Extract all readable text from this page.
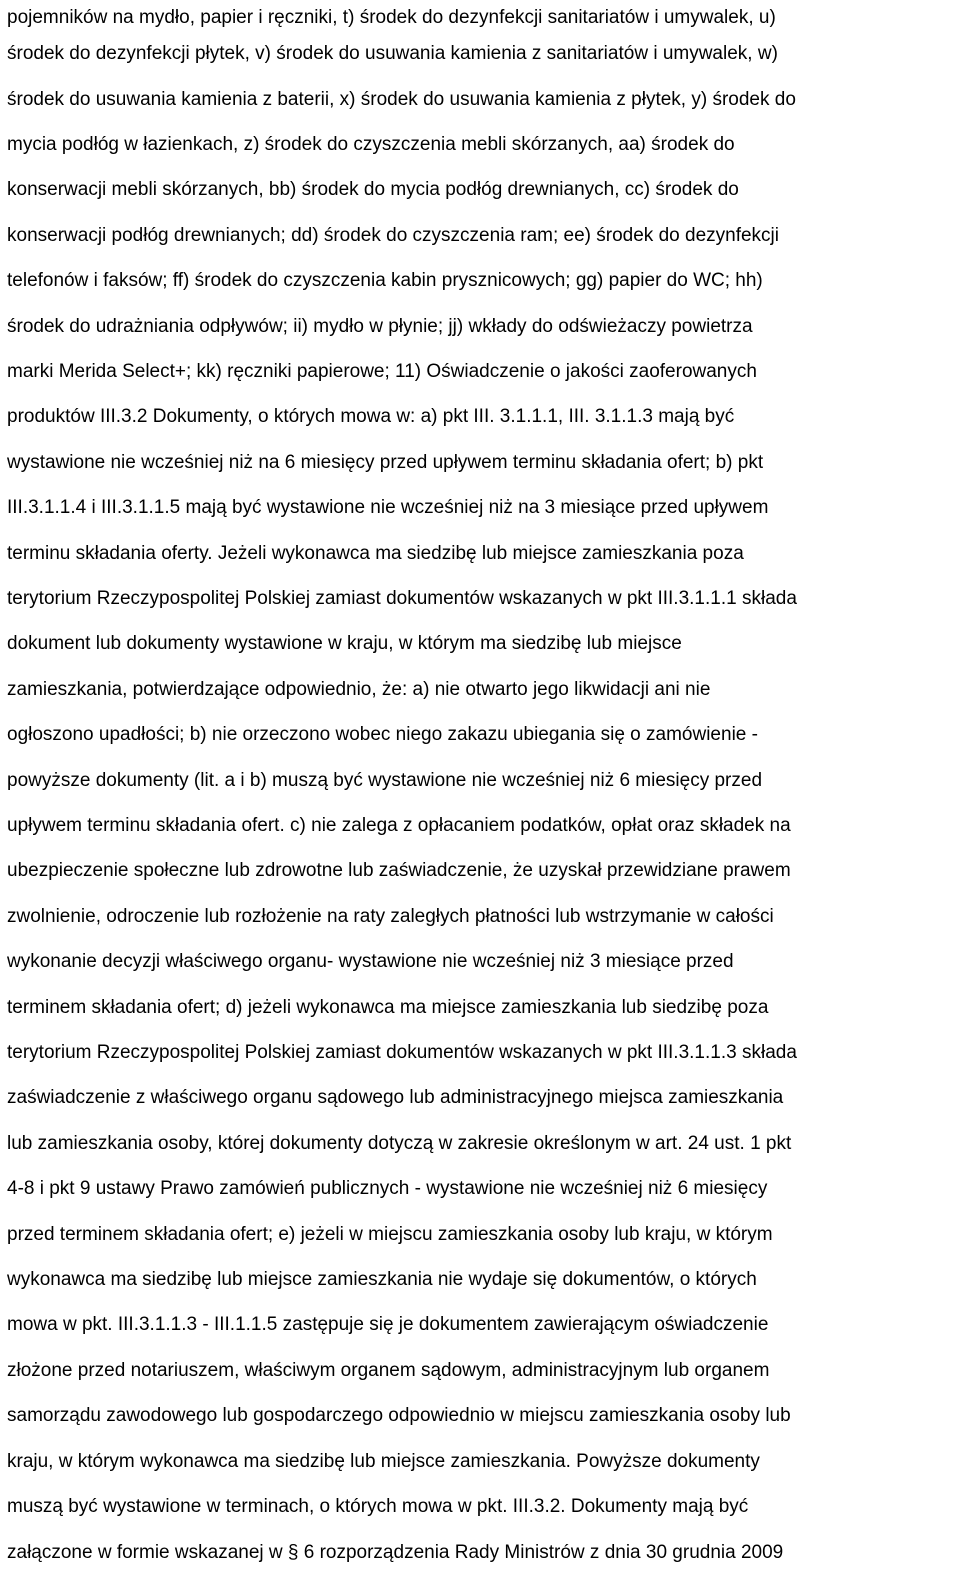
pojemników na mydło, papier i ręczniki, t) środek do dezynfekcji sanitariatów i umywalek, u)
środek do dezynfekcji płytek, v) środek do usuwania kamienia z sanitariatów i umywalek, w)
środek do usuwania kamienia z baterii, x) środek do usuwania kamienia z płytek, y) środek do
mycia podłóg w łazienkach, z) środek do czyszczenia mebli skórzanych, aa) środek do
konserwacji mebli skórzanych, bb) środek do mycia podłóg drewnianych, cc) środek do
konserwacji podłóg drewnianych; dd) środek do czyszczenia ram; ee) środek do dezynfekcji
telefonów i faksów; ff) środek do czyszczenia kabin prysznicowych; gg) papier do WC; hh)
środek do udrażniania odpływów; ii) mydło w płynie; jj) wkłady do odświeżaczy powietrza
marki Merida Select+; kk) ręczniki papierowe; 11) Oświadczenie o jakości zaoferowanych
produktów III.3.2 Dokumenty, o których mowa w: a) pkt III. 3.1.1.1, III. 3.1.1.3 mają być
wystawione nie wcześniej niż na 6 miesięcy przed upływem terminu składania ofert; b) pkt
III.3.1.1.4 i III.3.1.1.5 mają być wystawione nie wcześniej niż na 3 miesiące przed upływem
terminu składania oferty. Jeżeli wykonawca ma siedzibę lub miejsce zamieszkania poza
terytorium Rzeczypospolitej Polskiej zamiast dokumentów wskazanych w pkt III.3.1.1.1 składa
dokument lub dokumenty wystawione w kraju, w którym ma siedzibę lub miejsce
zamieszkania, potwierdzające odpowiednio, że: a) nie otwarto jego likwidacji ani nie
ogłoszono upadłości; b) nie orzeczono wobec niego zakazu ubiegania się o zamówienie -
powyższe dokumenty (lit. a i b) muszą być wystawione nie wcześniej niż 6 miesięcy przed
upływem terminu składania ofert. c) nie zalega z opłacaniem podatków, opłat oraz składek na
ubezpieczenie społeczne lub zdrowotne lub zaświadczenie, że uzyskał przewidziane prawem
zwolnienie, odroczenie lub rozłożenie na raty zaległych płatności lub wstrzymanie w całości
wykonanie decyzji właściwego organu- wystawione nie wcześniej niż 3 miesiące przed
terminem składania ofert; d) jeżeli wykonawca ma miejsce zamieszkania lub siedzibę poza
terytorium Rzeczypospolitej Polskiej zamiast dokumentów wskazanych w pkt III.3.1.1.3 składa
zaświadczenie z właściwego organu sądowego lub administracyjnego miejsca zamieszkania
lub zamieszkania osoby, której dokumenty dotyczą w zakresie określonym w art. 24 ust. 1 pkt
4-8 i pkt 9 ustawy Prawo zamówień publicznych - wystawione nie wcześniej niż 6 miesięcy
przed terminem składania ofert; e) jeżeli w miejscu zamieszkania osoby lub kraju, w którym
wykonawca ma siedzibę lub miejsce zamieszkania nie wydaje się dokumentów, o których
mowa w pkt. III.3.1.1.3 - III.1.1.5 zastępuje się je dokumentem zawierającym oświadczenie
złożone przed notariuszem, właściwym organem sądowym, administracyjnym lub organem
samorządu zawodowego lub gospodarczego odpowiednio w miejscu zamieszkania osoby lub
kraju, w którym wykonawca ma siedzibę lub miejsce zamieszkania. Powyższe dokumenty
muszą być wystawione w terminach, o których mowa w pkt. III.3.2. Dokumenty mają być
załączone w formie wskazanej w § 6 rozporządzenia Rady Ministrów z dnia 30 grudnia 2009
